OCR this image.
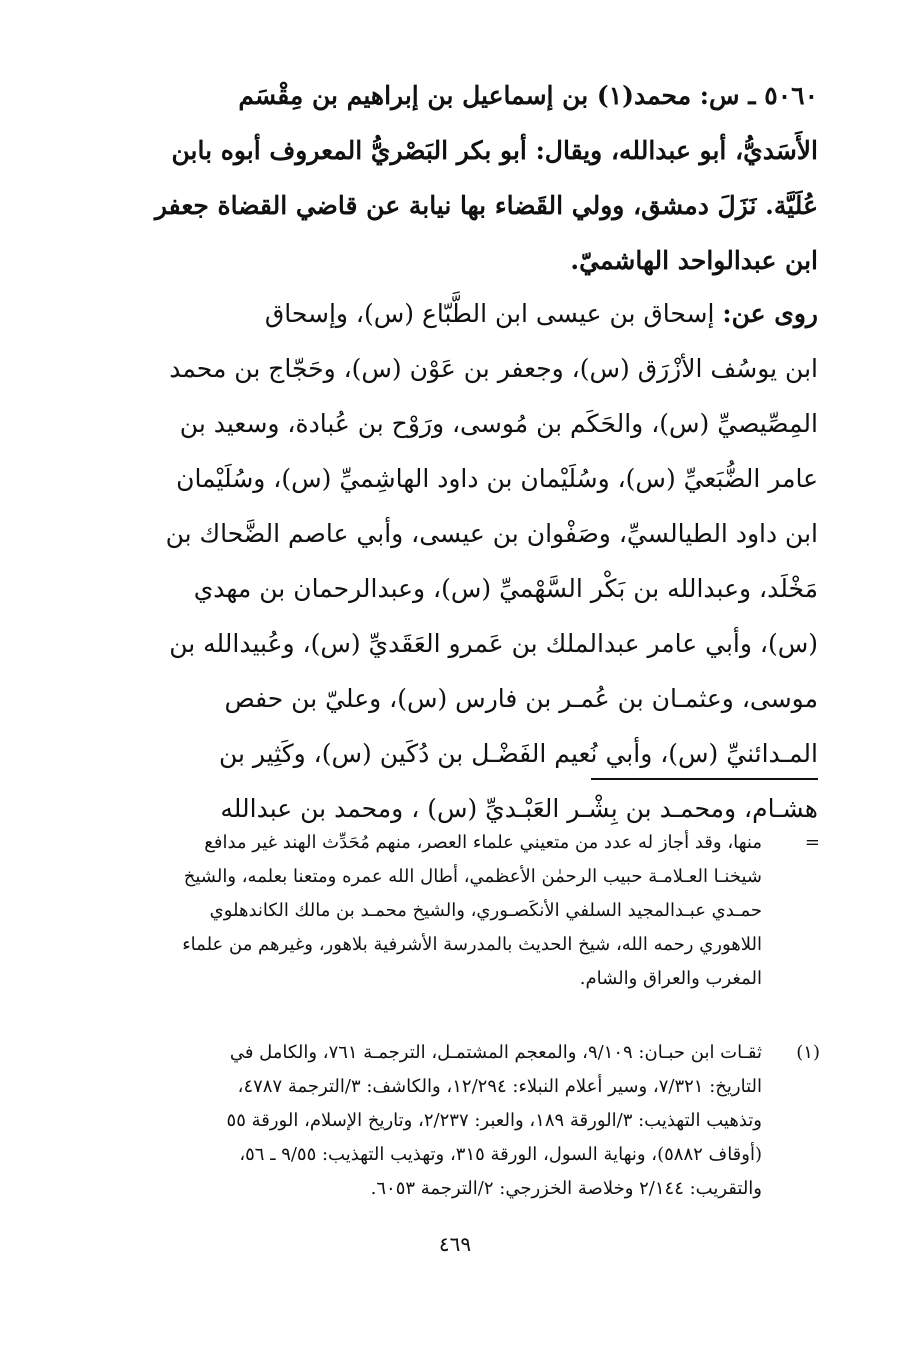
٥٠٦٠ ـ س: محمد(١) بن إسماعيل بن إبراهيم بن مِقْسَم
الأَسَديُّ، أبو عبدالله، ويقال: أبو بكر البَصْريُّ المعروف أبوه بابن
عُلَيَّة. نَزَلَ دمشق، وولي القَضاء بها نيابة عن قاضي القضاة جعفر
ابن عبدالواحد الهاشميّ.
روى عن: إسحاق بن عيسى ابن الطَّبّاع (س)، وإسحاق
ابن يوسُف الأزْرَق (س)، وجعفر بن عَوْن (س)، وحَجّاج بن محمد
المِصِّيصيِّ (س)، والحَكَم بن مُوسى، ورَوْح بن عُبادة، وسعيد بن
عامر الضُّبَعيِّ (س)، وسُلَيْمان بن داود الهاشِميِّ (س)، وسُلَيْمان
ابن داود الطيالسيِّ، وصَفْوان بن عيسى، وأبي عاصم الضَّحاك بن
مَخْلَد، وعبدالله بن بَكْر السَّهْميِّ (س)، وعبدالرحمان بن مهدي
(س)، وأبي عامر عبدالملك بن عَمرو العَقَديِّ (س)، وعُبيدالله بن
موسى، وعثمـان بن عُمـر بن فارس (س)، وعليّ بن حفص
المـدائنيِّ (س)، وأبي نُعيم الفَضْـل بن دُكَين (س)، وكَثِير بن
هشـام، ومحمـد بن بِشْـر العَبْـديِّ (س) ، ومحمد بن عبدالله
=
منها، وقد أجاز له عدد من متعيني علماء العصر، منهم مُحَدِّث الهند غير مدافع
شيخنـا العـلامـة حبيب الرحمٰن الأعظمي، أطال الله عمره ومتعنا بعلمه، والشيخ
حمـدي عبـدالمجيد السلفي الأنكَصـوري، والشيخ محمـد بن مالك الكاندهلوي
اللاهوري رحمه الله، شيخ الحديث بالمدرسة الأشرفية بلاهور، وغيرهم من علماء
المغرب والعراق والشام.
(١)
ثقـات ابن حبـان: ٩/١٠٩، والمعجم المشتمـل، الترجمـة ٧٦١، والكامل في
التاريخ: ٧/٣٢١، وسير أعلام النبلاء: ١٢/٢٩٤، والكاشف: ٣/الترجمة ٤٧٨٧،
وتذهيب التهذيب: ٣/الورقة ١٨٩، والعبر: ٢/٢٣٧، وتاريخ الإسلام، الورقة ٥٥
(أوقاف ٥٨٨٢)، ونهاية السول، الورقة ٣١٥، وتهذيب التهذيب: ٩/٥٥ ـ ٥٦،
والتقريب: ٢/١٤٤ وخلاصة الخزرجي: ٢/الترجمة ٦٠٥٣.
٤٦٩
